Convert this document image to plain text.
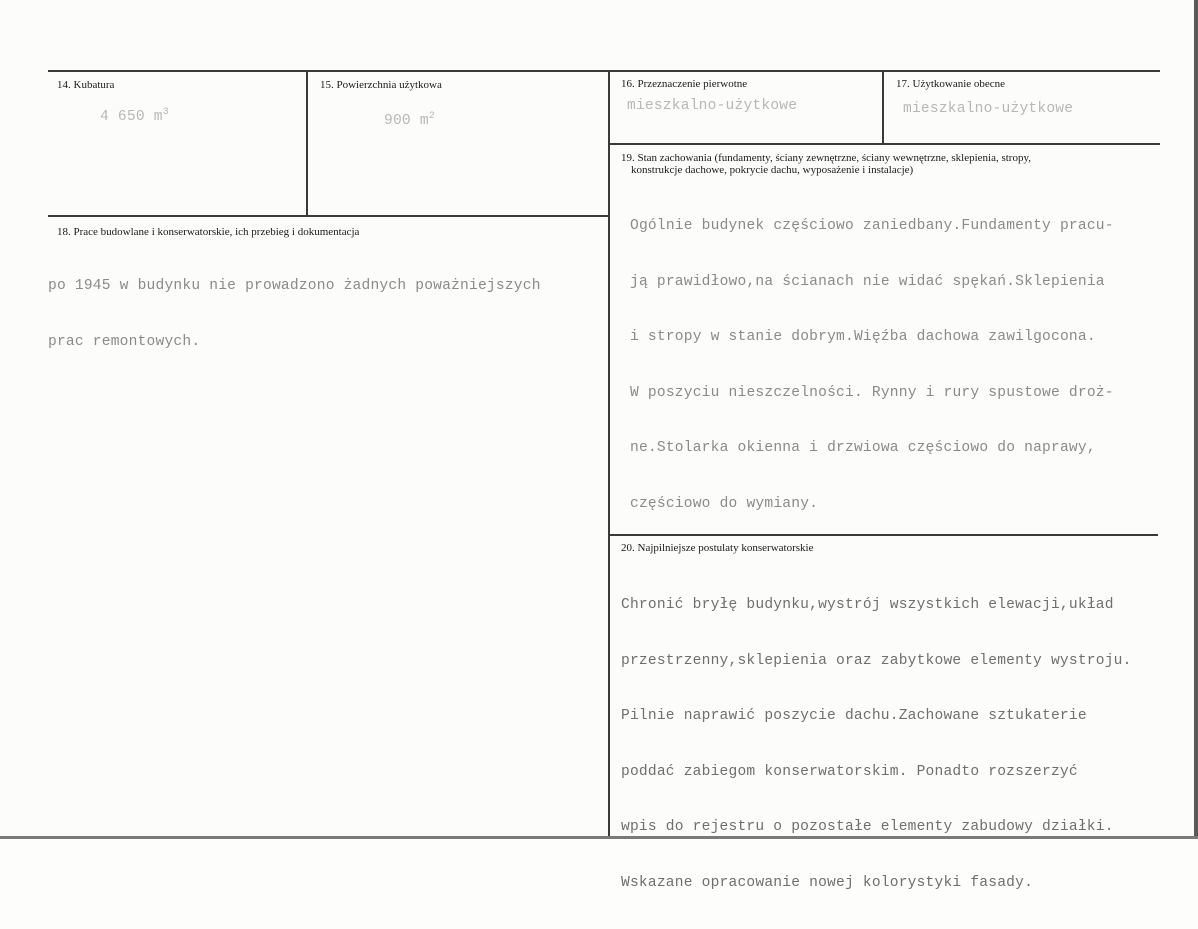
14. Kubatura
4 650 $m^3$
15. Powierzchnia użytkowa
900 $m^2$
16. Przeznaczenie pierwotne
mieszkalno-użytkowe
17. Użytkowanie obecne
mieszkalno-użytkowe
19. Stan zachowania (fundamenty, ściany zewnętrzne, ściany wewnętrzne, sklepienia, stropy,
konstrukcje dachowe, pokrycie dachu, wyposażenie i instalacje)

Ogólnie budynek częściowo zaniedbany.Fundamenty pracu-

ją prawidłowo,na ścianach nie widać spękań.Sklepienia

i stropy w stanie dobrym.Więźba dachowa zawilgocona.

W poszyciu nieszczelności. Rynny i rury spustowe droż-

ne.Stolarka okienna i drzwiowa częściowo do naprawy,

częściowo do wymiany.

18. Prace budowlane i konserwatorskie, ich przebieg i dokumentacja

po 1945 w budynku nie prowadzono żadnych poważniejszych

prac remontowych.

20. Najpilniejsze postulaty konserwatorskie

Chronić bryłę budynku,wystrój wszystkich elewacji,układ

przestrzenny,sklepienia oraz zabytkowe elementy wystroju.

Pilnie naprawić poszycie dachu.Zachowane sztukaterie

poddać zabiegom konserwatorskim. Ponadto rozszerzyć

wpis do rejestru o pozostałe elementy zabudowy działki.

Wskazane opracowanie nowej kolorystyki fasady.
